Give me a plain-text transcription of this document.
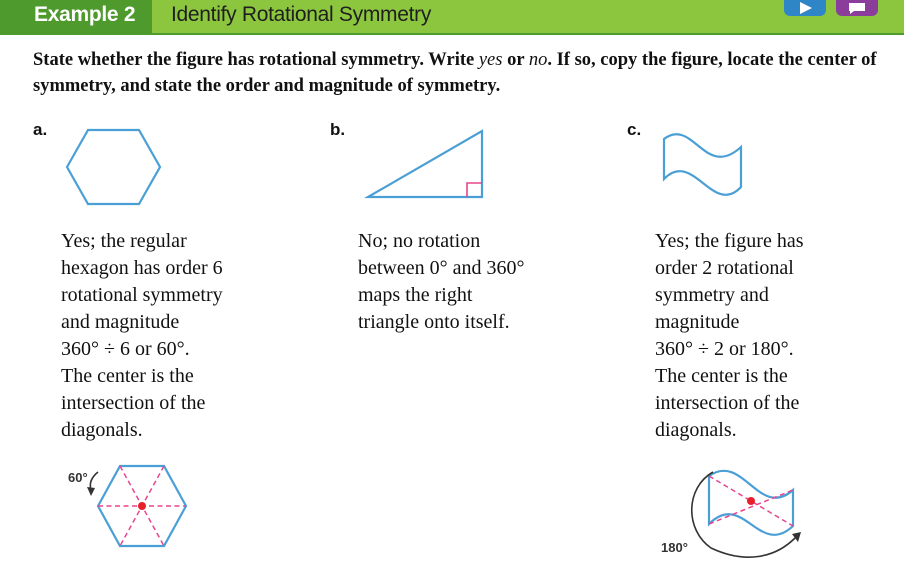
Example 2 Identify Rotational Symmetry
State whether the figure has rotational symmetry. Write yes or no. If so, copy the figure, locate the center of symmetry, and state the order and magnitude of symmetry.
a.	b.	c.
Yes; the regular
hexagon has order 6
rotational symmetry
and magnitude
360° ÷ 6 or 60°.
The center is the
intersection of the
diagonals.
No; no rotation
between 0° and 360°
maps the right
triangle onto itself.
Yes; the figure has
order 2 rotational
symmetry and
magnitude
360° ÷ 2 or 180°.
The center is the
intersection of the
diagonals.
60°
180°
